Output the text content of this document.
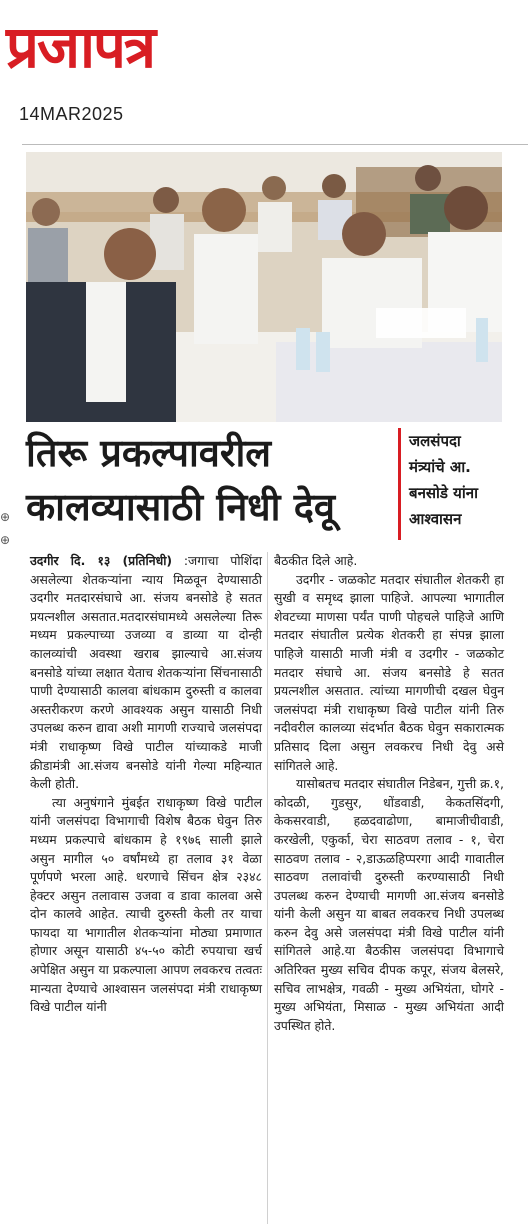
प्रजापत्र
14MAR2025
तिरू प्रकल्पावरील
कालव्यासाठी निधी देवू
जलसंपदा
मंत्र्यांचे आ.
बनसोडे यांना
आश्वासन
⊕
⊕

उदगीर दि. १३ (प्रतिनिधी) :जगाचा पोशिंदा असलेल्या शेतकऱ्यांना न्याय मिळवून देण्यासाठी उदगीर मतदारसंघाचे आ. संजय बनसोडे हे सतत प्रयत्नशील असतात.मतदारसंघामध्ये असलेल्या तिरू मध्यम प्रकल्पाच्या उजव्या व डाव्या या दोन्ही कालव्यांची अवस्था खराब झाल्याचे आ.संजय बनसोडे यांच्या लक्षात येताच शेतकऱ्यांना सिंचनासाठी पाणी देण्यासाठी कालवा बांधकाम दुरुस्ती व कालवा अस्तरीकरण करणे आवश्यक असुन यासाठी निधी उपलब्ध करुन द्यावा अशी मागणी राज्याचे जलसंपदा मंत्री राधाकृष्ण विखे पाटील यांच्याकडे माजी क्रीडामंत्री आ.संजय बनसोडे यांनी गेल्या महिन्यात केली होती.

त्या अनुषंगाने मुंबईत राधाकृष्ण विखे पाटील यांनी जलसंपदा विभागाची विशेष बैठक घेवुन तिरु मध्यम प्रकल्पाचे बांधकाम हे १९७६ साली झाले असुन मागील ५० वर्षांमध्ये हा तलाव ३१ वेळा पूर्णपणे भरला आहे. धरणाचे सिंचन क्षेत्र २३४८ हेक्टर असुन तलावास उजवा व डावा कालवा असे दोन कालवे आहेत. त्याची दुरुस्ती केली तर याचा फायदा या भागातील शेतकऱ्यांना मोठ्या प्रमाणात होणार असून यासाठी ४५-५० कोटी रुपयाचा खर्च अपेक्षित असुन या प्रकल्पाला आपण लवकरच तत्वतः मान्यता देण्याचे आश्वासन जलसंपदा मंत्री राधाकृष्ण विखे पाटील यांनी

बैठकीत दिले आहे.

उदगीर - जळकोट मतदार संघातील शेतकरी हा सुखी व समृध्द झाला पाहिजे. आपल्या भागातील शेवटच्या माणसा पर्यंत पाणी पोहचले पाहिजे आणि मतदार संघातील प्रत्येक शेतकरी हा संपन्न झाला पाहिजे यासाठी माजी मंत्री व उदगीर - जळकोट मतदार संघाचे आ. संजय बनसोडे हे सतत प्रयत्नशील असतात. त्यांच्या मागणीची दखल घेवुन जलसंपदा मंत्री राधाकृष्ण विखे पाटील यांनी तिरु नदीवरील कालव्या संदर्भात बैठक घेवुन सकारात्मक प्रतिसाद दिला असुन लवकरच निधी देवु असे सांगितले आहे.

यासोबतच मतदार संघातील निडेबन, गुत्ती क्र.१, कोदळी, गुडसुर, धोंडवाडी, केकतसिंदगी, केकसरवाडी, हळदवाढोणा, बामाजीचीवाडी, करखेली, एकुर्का, चेरा साठवण तलाव - १, चेरा साठवण तलाव - २,डाऊळहिप्परगा आदी गावातील साठवण तलावांची दुरुस्ती करण्यासाठी निधी उपलब्ध करुन देण्याची मागणी आ.संजय बनसोडे यांनी केली असुन या बाबत लवकरच निधी उपलब्ध करुन देवु असे जलसंपदा मंत्री विखे पाटील यांनी सांगितले आहे.या बैठकीस जलसंपदा विभागाचे अतिरिक्त मुख्य सचिव दीपक कपूर, संजय बेलसरे, सचिव लाभक्षेत्र, गवळी - मुख्य अभियंता, घोगरे - मुख्य अभियंता, मिसाळ - मुख्य अभियंता आदी उपस्थित होते.
